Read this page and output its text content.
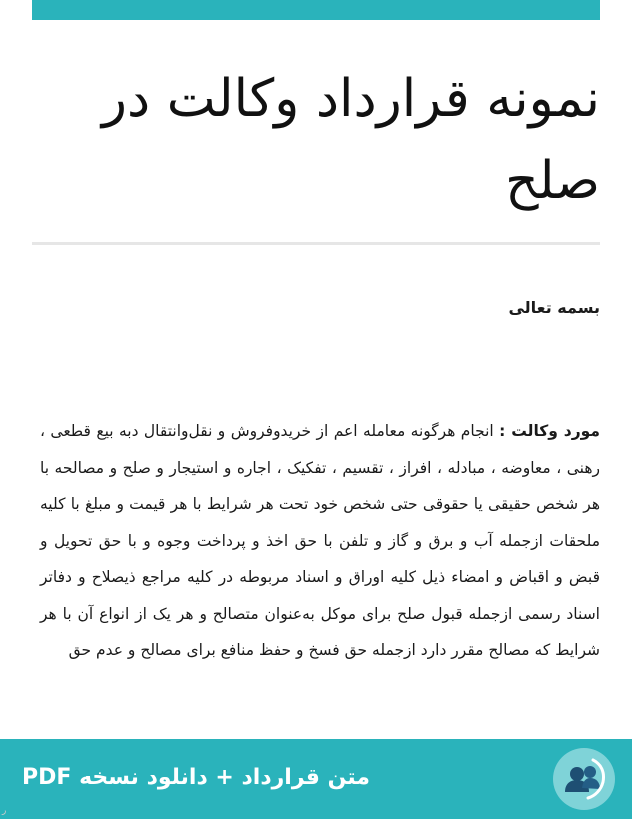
نمونه قرارداد وکالت در صلح
بسمه تعالی

مورد وکالت : انجام هرگونه معامله اعم از خریدوفروش و نقل‌وانتقال دبه بیع قطعی ، رهنی ، معاوضه ، مبادله ، افراز ، تقسیم ، تفکیک ، اجاره و استیجار و صلح و مصالحه با هر شخص حقیقی یا حقوقی حتی شخص خود تحت هر شرایط با هر قیمت و مبلغ با کلیه ملحقات ازجمله آب و برق و گاز و تلفن با حق اخذ و پرداخت وجوه و با حق تحویل و قبض و اقباض و امضاء ذیل کلیه اوراق و اسناد مربوطه در کلیه مراجع ذیصلاح و دفاتر اسناد رسمی ازجمله قبول صلح برای موکل به‌عنوان متصالح و هر یک از انواع آن با هر شرایط که مصالح مقرر دارد ازجمله حق فسخ و حفظ منافع برای مصالح و عدم حق

متن قرارداد + دانلود نسخه PDF
ر
